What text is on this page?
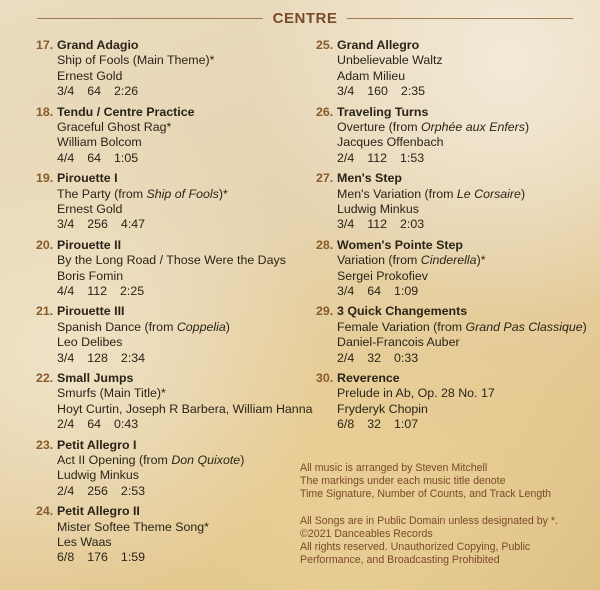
CENTRE
17. Grand Adagio
Ship of Fools (Main Theme)*
Ernest Gold
3/4 64 2:26
18. Tendu / Centre Practice
Graceful Ghost Rag*
William Bolcom
4/4 64 1:05
19. Pirouette I
The Party (from Ship of Fools)*
Ernest Gold
3/4 256 4:47
20. Pirouette II
By the Long Road / Those Were the Days
Boris Fomin
4/4 112 2:25
21. Pirouette III
Spanish Dance (from Coppelia)
Leo Delibes
3/4 128 2:34
22. Small Jumps
Smurfs (Main Title)*
Hoyt Curtin, Joseph R Barbera, William Hanna
2/4 64 0:43
23. Petit Allegro I
Act II Opening (from Don Quixote)
Ludwig Minkus
2/4 256 2:53
24. Petit Allegro II
Mister Softee Theme Song*
Les Waas
6/8 176 1:59
25. Grand Allegro
Unbelievable Waltz
Adam Milieu
3/4 160 2:35
26. Traveling Turns
Overture (from Orphée aux Enfers)
Jacques Offenbach
2/4 112 1:53
27. Men's Step
Men's Variation (from Le Corsaire)
Ludwig Minkus
3/4 112 2:03
28. Women's Pointe Step
Variation (from Cinderella)*
Sergei Prokofiev
3/4 64 1:09
29. 3 Quick Changements
Female Variation (from Grand Pas Classique)
Daniel-Francois Auber
2/4 32 0:33
30. Reverence
Prelude in Ab, Op. 28 No. 17
Fryderyk Chopin
6/8 32 1:07

All music is arranged by Steven Mitchell
The markings under each music title denote
Time Signature, Number of Counts, and Track Length

All Songs are in Public Domain unless designated by *.
©2021 Danceables Records
All rights reserved. Unauthorized Copying, Public
Performance, and Broadcasting Prohibited
